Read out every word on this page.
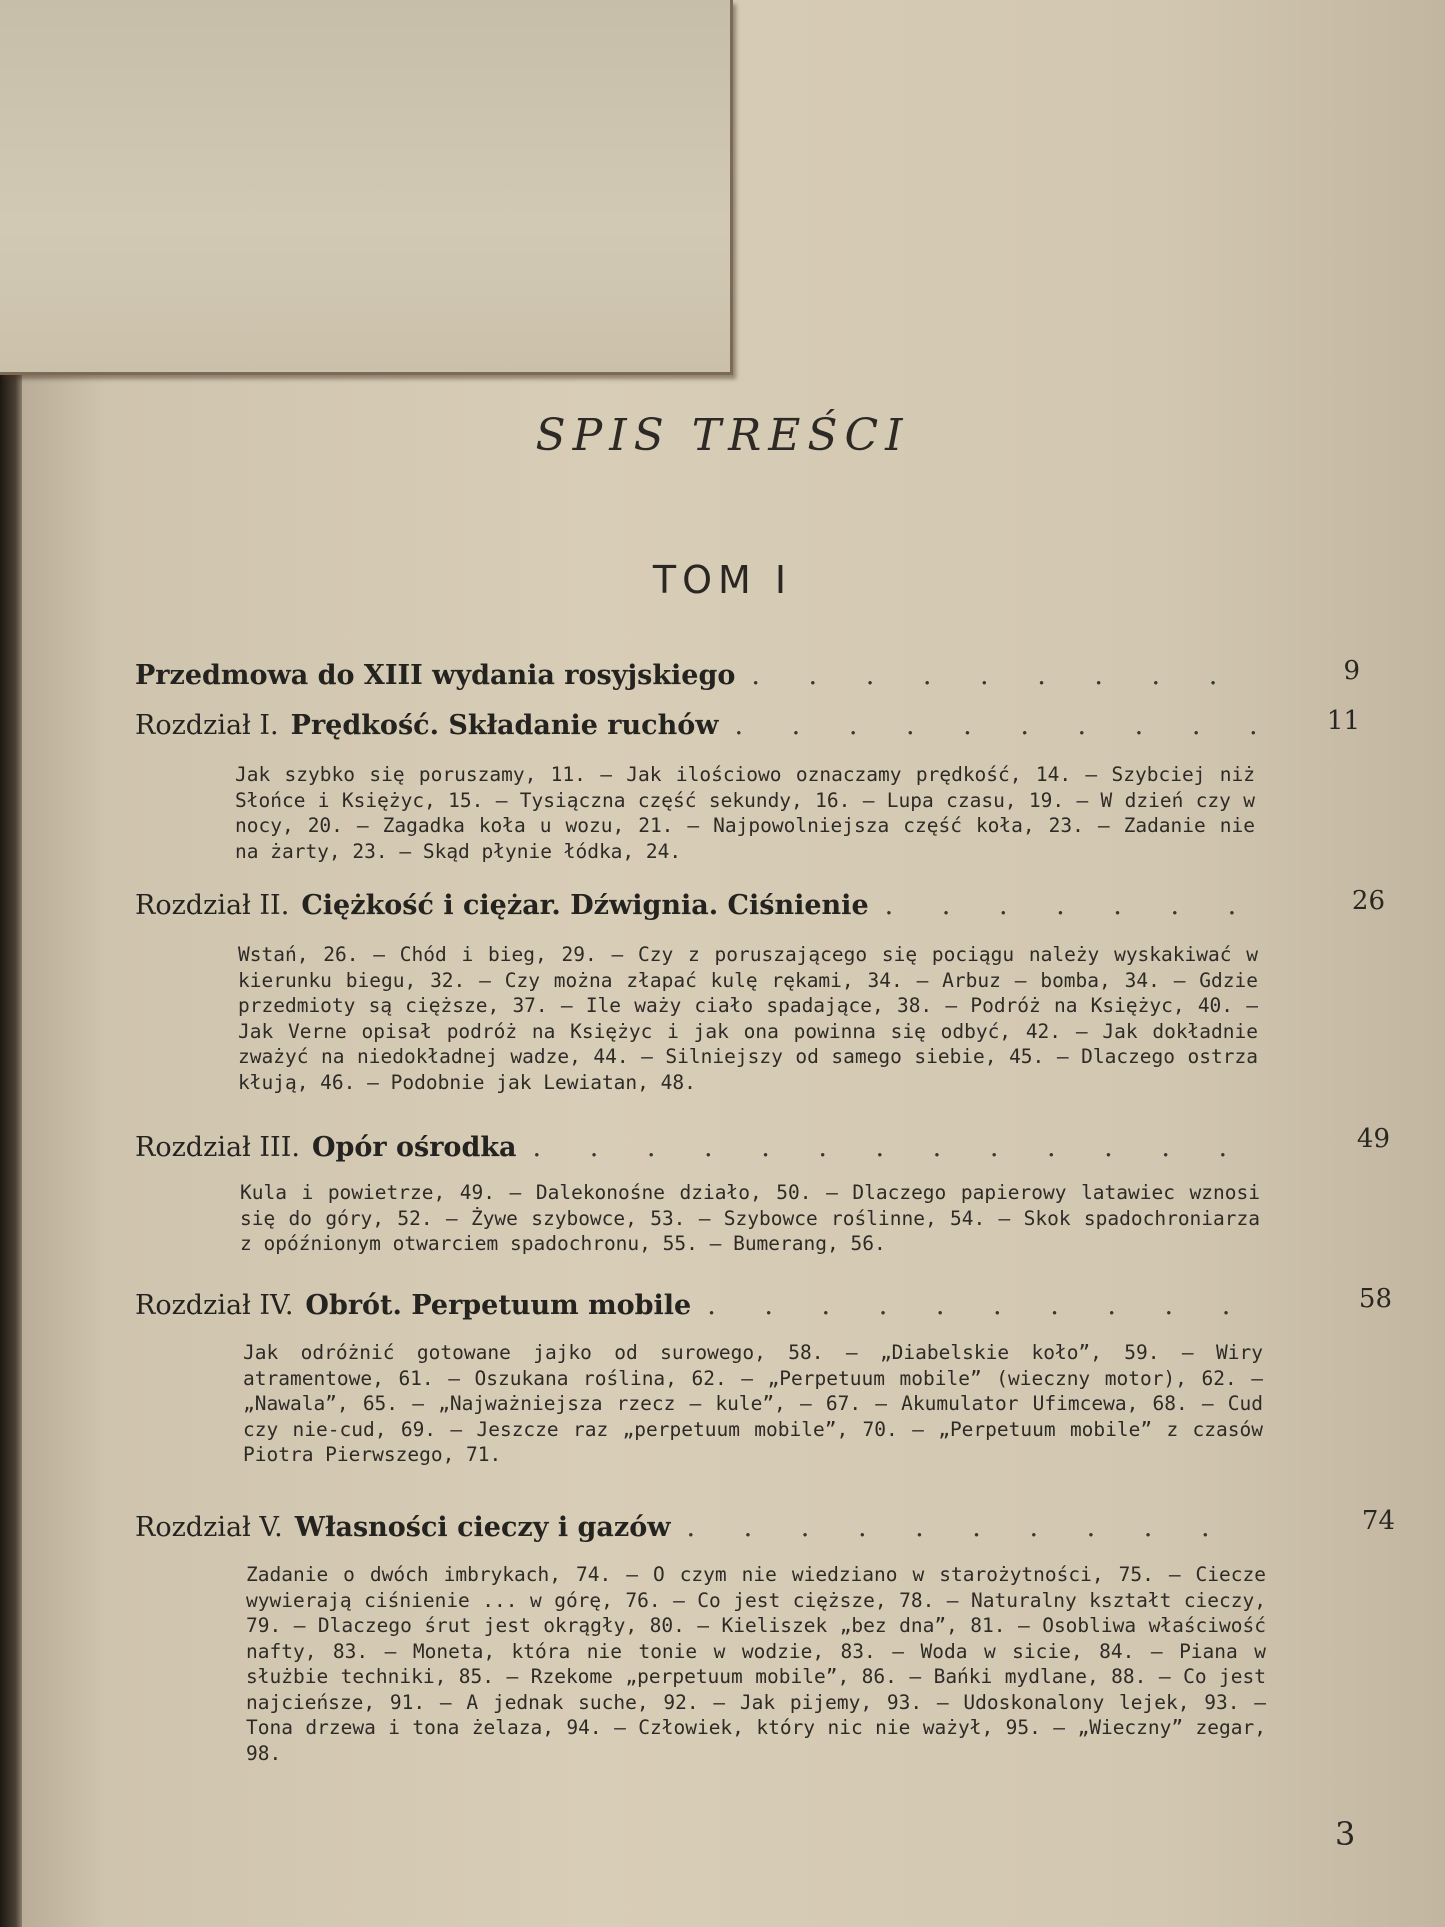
SPIS TREŚCI
TOM I
Przedmowa do XIII wydania rosyjskiego . . .	9
Rozdział I. Prędkość. Składanie ruchów . . .	11

Jak szybko się poruszamy, 11. — Jak ilościowo oznaczamy prędkość, 14. — Szybciej niż Słońce i Księżyc, 15. — Tysiączna część sekundy, 16. — Lupa czasu, 19. — W dzień czy w nocy, 20. — Zagadka koła u wozu, 21. — Najpowolniejsza część koła, 23. — Zadanie nie na żarty, 23. — Skąd płynie łódka, 24.

Rozdział II. Ciężkość i ciężar. Dźwignia. Ciśnienie . . .	26

Wstań, 26. — Chód i bieg, 29. — Czy z poruszającego się pociągu należy wyskakiwać w kierunku biegu, 32. — Czy można złapać kulę rękami, 34. — Arbuz — bomba, 34. — Gdzie przedmioty są cięższe, 37. — Ile waży ciało spadające, 38. — Podróż na Księżyc, 40. — Jak Verne opisał podróż na Księżyc i jak ona powinna się odbyć, 42. — Jak dokładnie zważyć na niedokładnej wadze, 44. — Silniejszy od samego siebie, 45. — Dlaczego ostrza kłują, 46. — Podobnie jak Lewiatan, 48.

Rozdział III. Opór ośrodka . . .	49

Kula i powietrze, 49. — Dalekonośne działo, 50. — Dlaczego papierowy latawiec wznosi się do góry, 52. — Żywe szybowce, 53. — Szybowce roślinne, 54. — Skok spadochroniarza z opóźnionym otwarciem spadochronu, 55. — Bumerang, 56.

Rozdział IV. Obrót. Perpetuum mobile . . .	58

Jak odróżnić gotowane jajko od surowego, 58. — „Diabelskie koło”, 59. — Wiry atramentowe, 61. — Oszukana roślina, 62. — „Perpetuum mobile” (wieczny motor), 62. — „Nawala”, 65. — „Najważniejsza rzecz — kule”, — 67. — Akumulator Ufimcewa, 68. — Cud czy nie-cud, 69. — Jeszcze raz „perpetuum mobile”, 70. — „Perpetuum mobile” z czasów Piotra Pierwszego, 71.

Rozdział V. Własności cieczy i gazów . . .	74

Zadanie o dwóch imbrykach, 74. — O czym nie wiedziano w starożytności, 75. — Ciecze wywierają ciśnienie ... w górę, 76. — Co jest cięższe, 78. — Naturalny kształt cieczy, 79. — Dlaczego śrut jest okrągły, 80. — Kieliszek „bez dna”, 81. — Osobliwa właściwość nafty, 83. — Moneta, która nie tonie w wodzie, 83. — Woda w sicie, 84. — Piana w służbie techniki, 85. — Rzekome „perpetuum mobile”, 86. — Bańki mydlane, 88. — Co jest najcieńsze, 91. — A jednak suche, 92. — Jak pijemy, 93. — Udoskonalony lejek, 93. — Tona drzewa i tona żelaza, 94. — Człowiek, który nic nie ważył, 95. — „Wieczny” zegar, 98.

3
